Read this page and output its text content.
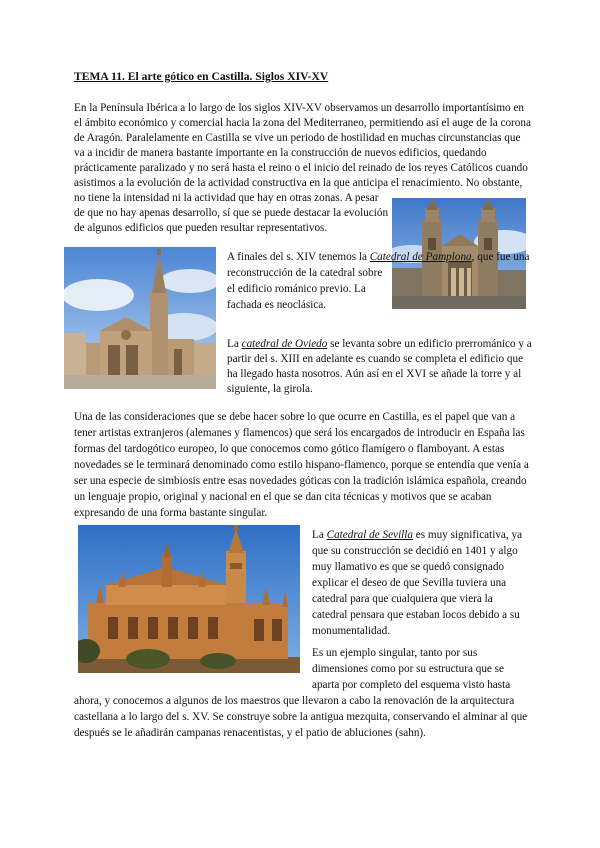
TEMA 11. El arte gótico en Castilla. Siglos XIV-XV
En la Península Ibérica a lo largo de los siglos XIV-XV observamos un desarrollo importantísimo en
el ámbito económico y comercial hacia la zona del Mediterraneo, permitiendo así el auge de la corona
de Aragón. Paralelamente en Castilla se vive un periodo de hostilidad en muchas circunstancias que
va a incidir de manera bastante importante en la construcción de nuevos edificios, quedando
prácticamente paralizado y no será hasta el reino o el inicio del reinado de los reyes Católicos cuando
asistimos a la evolución de la actividad constructiva en la que anticipa el renacimiento. No obstante,
no tiene la intensidad ni la actividad que hay en otras zonas. A pesar
de que no hay apenas desarrollo, sí que se puede destacar la evolución
de algunos edificios que pueden resultar representativos.
A finales del s. XIV tenemos la Catedral de Pamplona, que fue una
reconstrucción de la catedral sobre
el edificio románico previo. La
fachada es neoclásica.
La catedral de Oviedo se levanta sobre un edificio prerrománico y a
partir del s. XIII en adelante es cuando se completa el edificio que
ha llegado hasta nosotros. Aún así en el XVI se añade la torre y al
siguiente, la girola.
Una de las consideraciones que se debe hacer sobre lo que ocurre en Castilla, es el papel que van a
tener artistas extranjeros (alemanes y flamencos) que será los encargados de introducir en España las
formas del tardogótico europeo, lo que conocemos como gótico flamígero o flamboyant. A estas
novedades se le terminará denominado como estilo hispano-flamenco, porque se entendía que venía a
ser una especie de simbiosis entre esas novedades góticas con la tradición islámica española, creando
un lenguaje propio, original y nacional en el que se dan cita técnicas y motivos que se acaban
expresando de una forma bastante singular.
La Catedral de Sevilla es muy significativa, ya
que su construcción se decidió en 1401 y algo
muy llamativo es que se quedó consignado
explicar el deseo de que Sevilla tuviera una
catedral para que cualquiera que viera la
catedral pensara que estaban locos debido a su
monumentalidad.
Es un ejemplo singular, tanto por sus
dimensiones como por su estructura que se
aparta por completo del esquema visto hasta
ahora, y conocemos a algunos de los maestros que llevaron a cabo la renovación de la arquitectura
castellana a lo largo del s. XV. Se construye sobre la antigua mezquita, conservando el alminar al que
después se le añadirán campanas renacentistas, y el patio de abluciones (sahn).
